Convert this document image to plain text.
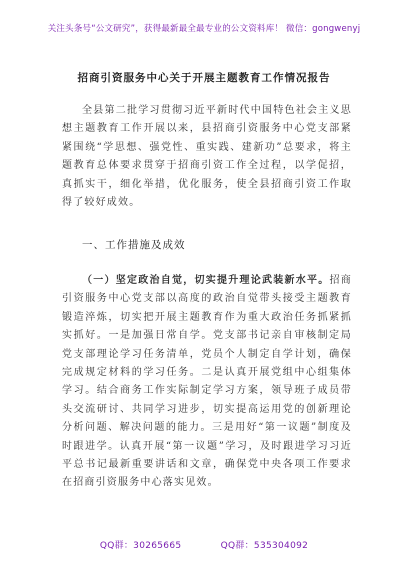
关注头条号“公文研究”，获得最新最全最专业的公文资料库！ 微信：gongwenyj
招商引资服务中心关于开展主题教育工作情况报告

全县第二批学习贯彻习近平新时代中国特色社会主义思想主题教育工作开展以来，县招商引资服务中心党支部紧紧围绕“学思想、强党性、重实践、建新功”总要求，将主题教育总体要求贯穿于招商引资工作全过程，以学促招，真抓实干，细化举措，优化服务，使全县招商引资工作取得了较好成效。

一、工作措施及成效

（一）坚定政治自觉，切实提升理论武装新水平。招商引资服务中心党支部以高度的政治自觉带头接受主题教育锻造淬炼，切实把开展主题教育作为重大政治任务抓紧抓实抓好。一是加强日常自学。党支部书记亲自审核制定局党支部理论学习任务清单，党员个人制定自学计划，确保完成规定材料的学习任务。二是认真开展党组中心组集体学习。结合商务工作实际制定学习方案，领导班子成员带头交流研讨、共同学习进步，切实提高运用党的创新理论分析问题、解决问题的能力。三是用好“第一议题”制度及时跟进学。认真开展“第一议题”学习，及时跟进学习习近平总书记最新重要讲话和文章，确保党中央各项工作要求在招商引资服务中心落实见效。

QQ群：30265665	QQ群：535304092
